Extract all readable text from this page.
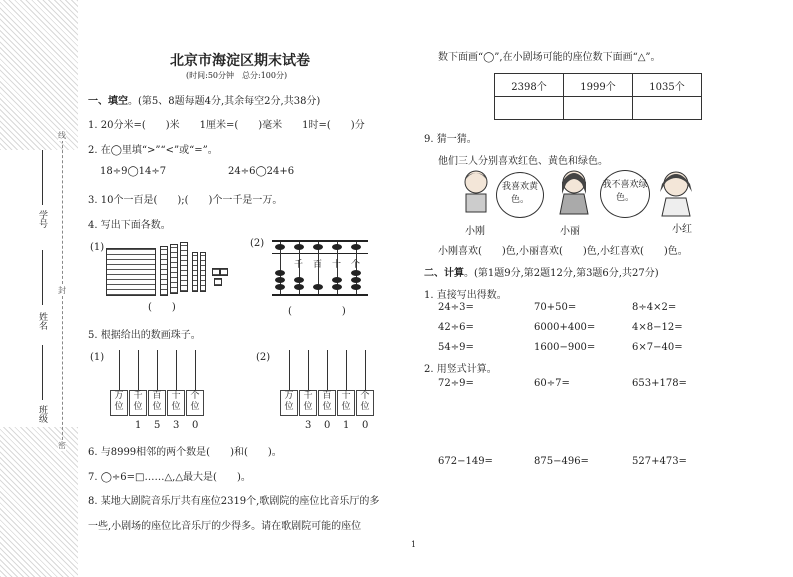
线
封
密
学号
姓名
班级
北京市海淀区期末试卷
(时间:50分钟　总分:100分)
一、填空。(第5、8题每题4分,其余每空2分,共38分)
1. 20分米=(　　)米　　1厘米=(　　)毫米　　1时=(　　)分
2. 在◯里填“>”“<”或“=”。
18÷9◯14÷7	24÷6◯24+6
3. 10个一百是(　　);(　　)个一千是一万。
4. 写出下面各数。
(1)
(　　)
(2)
千 百 十 个
(　　　　　)
5. 根据给出的数画珠子。
(1)	(2)
万位
千位
百位
十位
个位
1 5 3 0
万位
千位
百位
十位
个位
3 0 1 0
6. 与8999相邻的两个数是(　　)和(　　)。
7. ◯÷6=□……△,△最大是(　　)。
8. 某地大剧院音乐厅共有座位2319个,歌剧院的座位比音乐厅的多
一些,小剧场的座位比音乐厅的少得多。请在歌剧院可能的座位
数下面画“◯”,在小剧场可能的座位数下面画“△”。
2398个	1999个	1035个

9. 猜一猜。
他们三人分别喜欢红色、黄色和绿色。
我喜欢黄色。
我不喜欢绿色。
小刚	小丽	小红
小刚喜欢(　　)色,小丽喜欢(　　)色,小红喜欢(　　)色。
二、计算。(第1题9分,第2题12分,第3题6分,共27分)
1. 直接写出得数。
24÷3=	70+50=	8÷4×2=
42÷6=	6000+400=	4×8−12=
54÷9=	1600−900=	6×7−40=
2. 用竖式计算。
72÷9=	60÷7=	653+178=
672−149=	875−496=	527+473=
1
